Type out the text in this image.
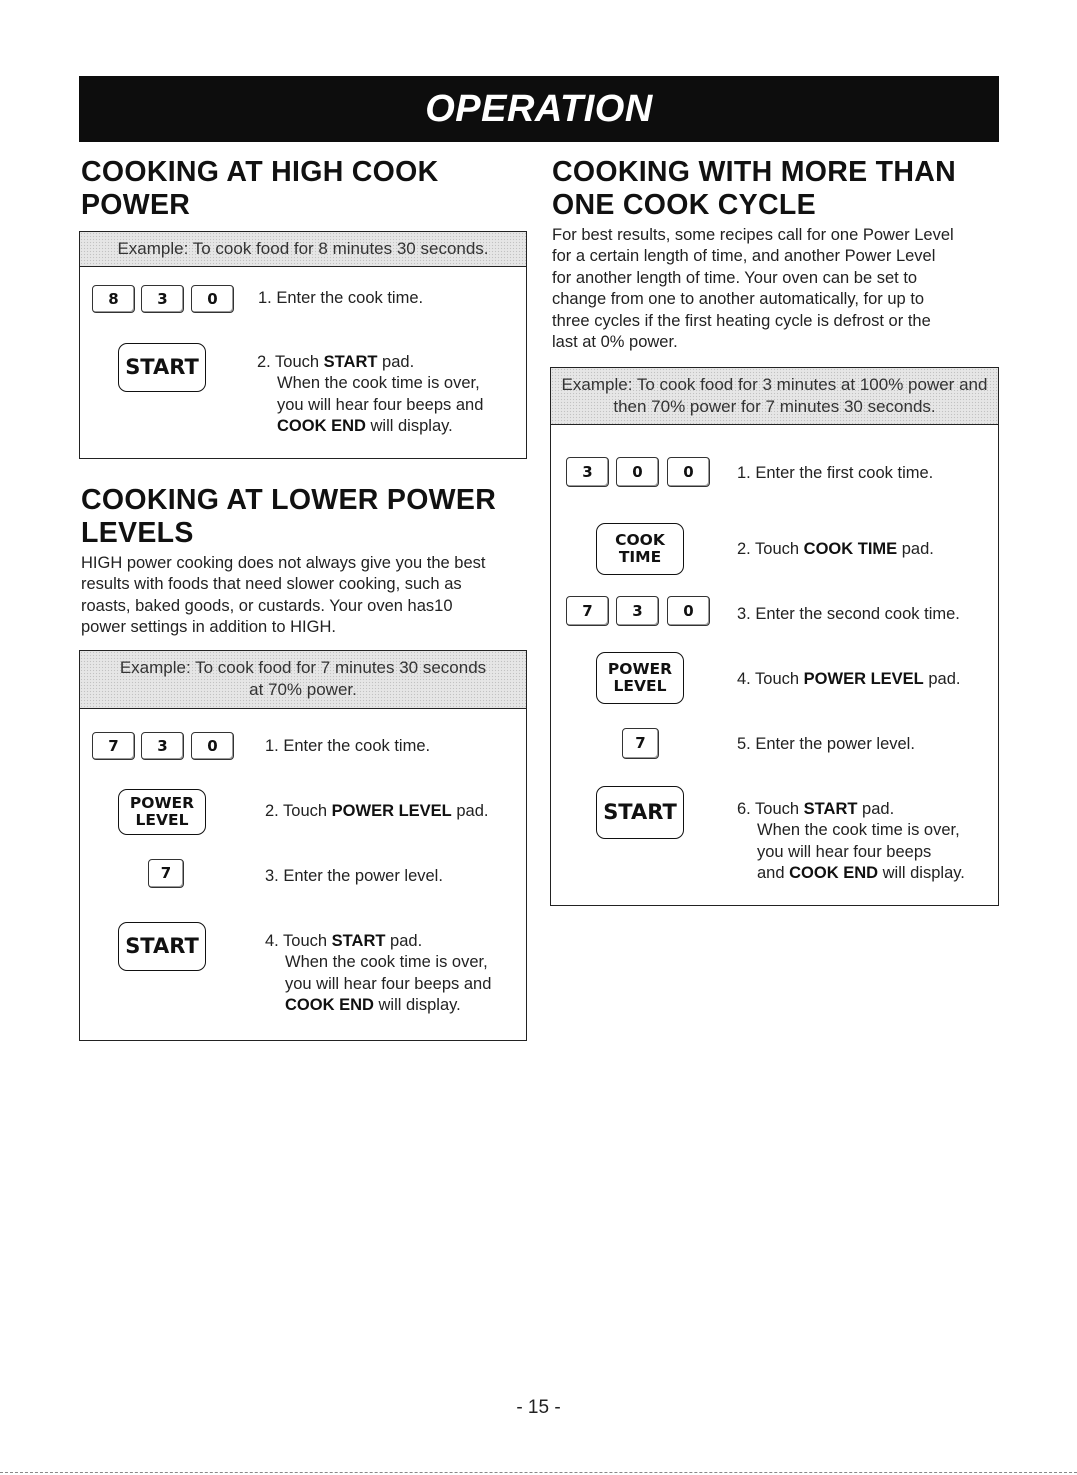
OPERATION
COOKING AT HIGH COOK
POWER
Example: To cook food for 8 minutes 30 seconds.
8	3	0	1. Enter the cook time.

START	2. Touch START pad.
When the cook time is over,
you will hear four beeps and
COOK END will display.

COOKING AT LOWER POWER
LEVELS

HIGH power cooking does not always give you the best
results with foods that need slower cooking, such as
roasts, baked goods, or custards. Your oven has10
power settings in addition to HIGH.

Example: To cook food for 7 minutes 30 seconds
at 70% power.
7	3	0	1. Enter the cook time.

POWER
LEVEL	2. Touch POWER LEVEL pad.

7	3. Enter the power level.

START	4. Touch START pad.
When the cook time is over,
you will hear four beeps and
COOK END will display.

COOKING WITH MORE THAN
ONE COOK CYCLE

For best results, some recipes call for one Power Level
for a certain length of time, and another Power Level
for another length of time. Your oven can be set to
change from one to another automatically, for up to
three cycles if the first heating cycle is defrost or the
last at 0% power.

Example: To cook food for 3 minutes at 100% power and
then 70% power for 7 minutes 30 seconds.
3	0	0	1. Enter the first cook time.

COOK
TIME	2. Touch COOK TIME pad.

7	3	0	3. Enter the second cook time.

POWER
LEVEL	4. Touch POWER LEVEL pad.

7	5. Enter the power level.

START	6. Touch START pad.
When the cook time is over,
you will hear four beeps
and COOK END will display.

- 15 -
